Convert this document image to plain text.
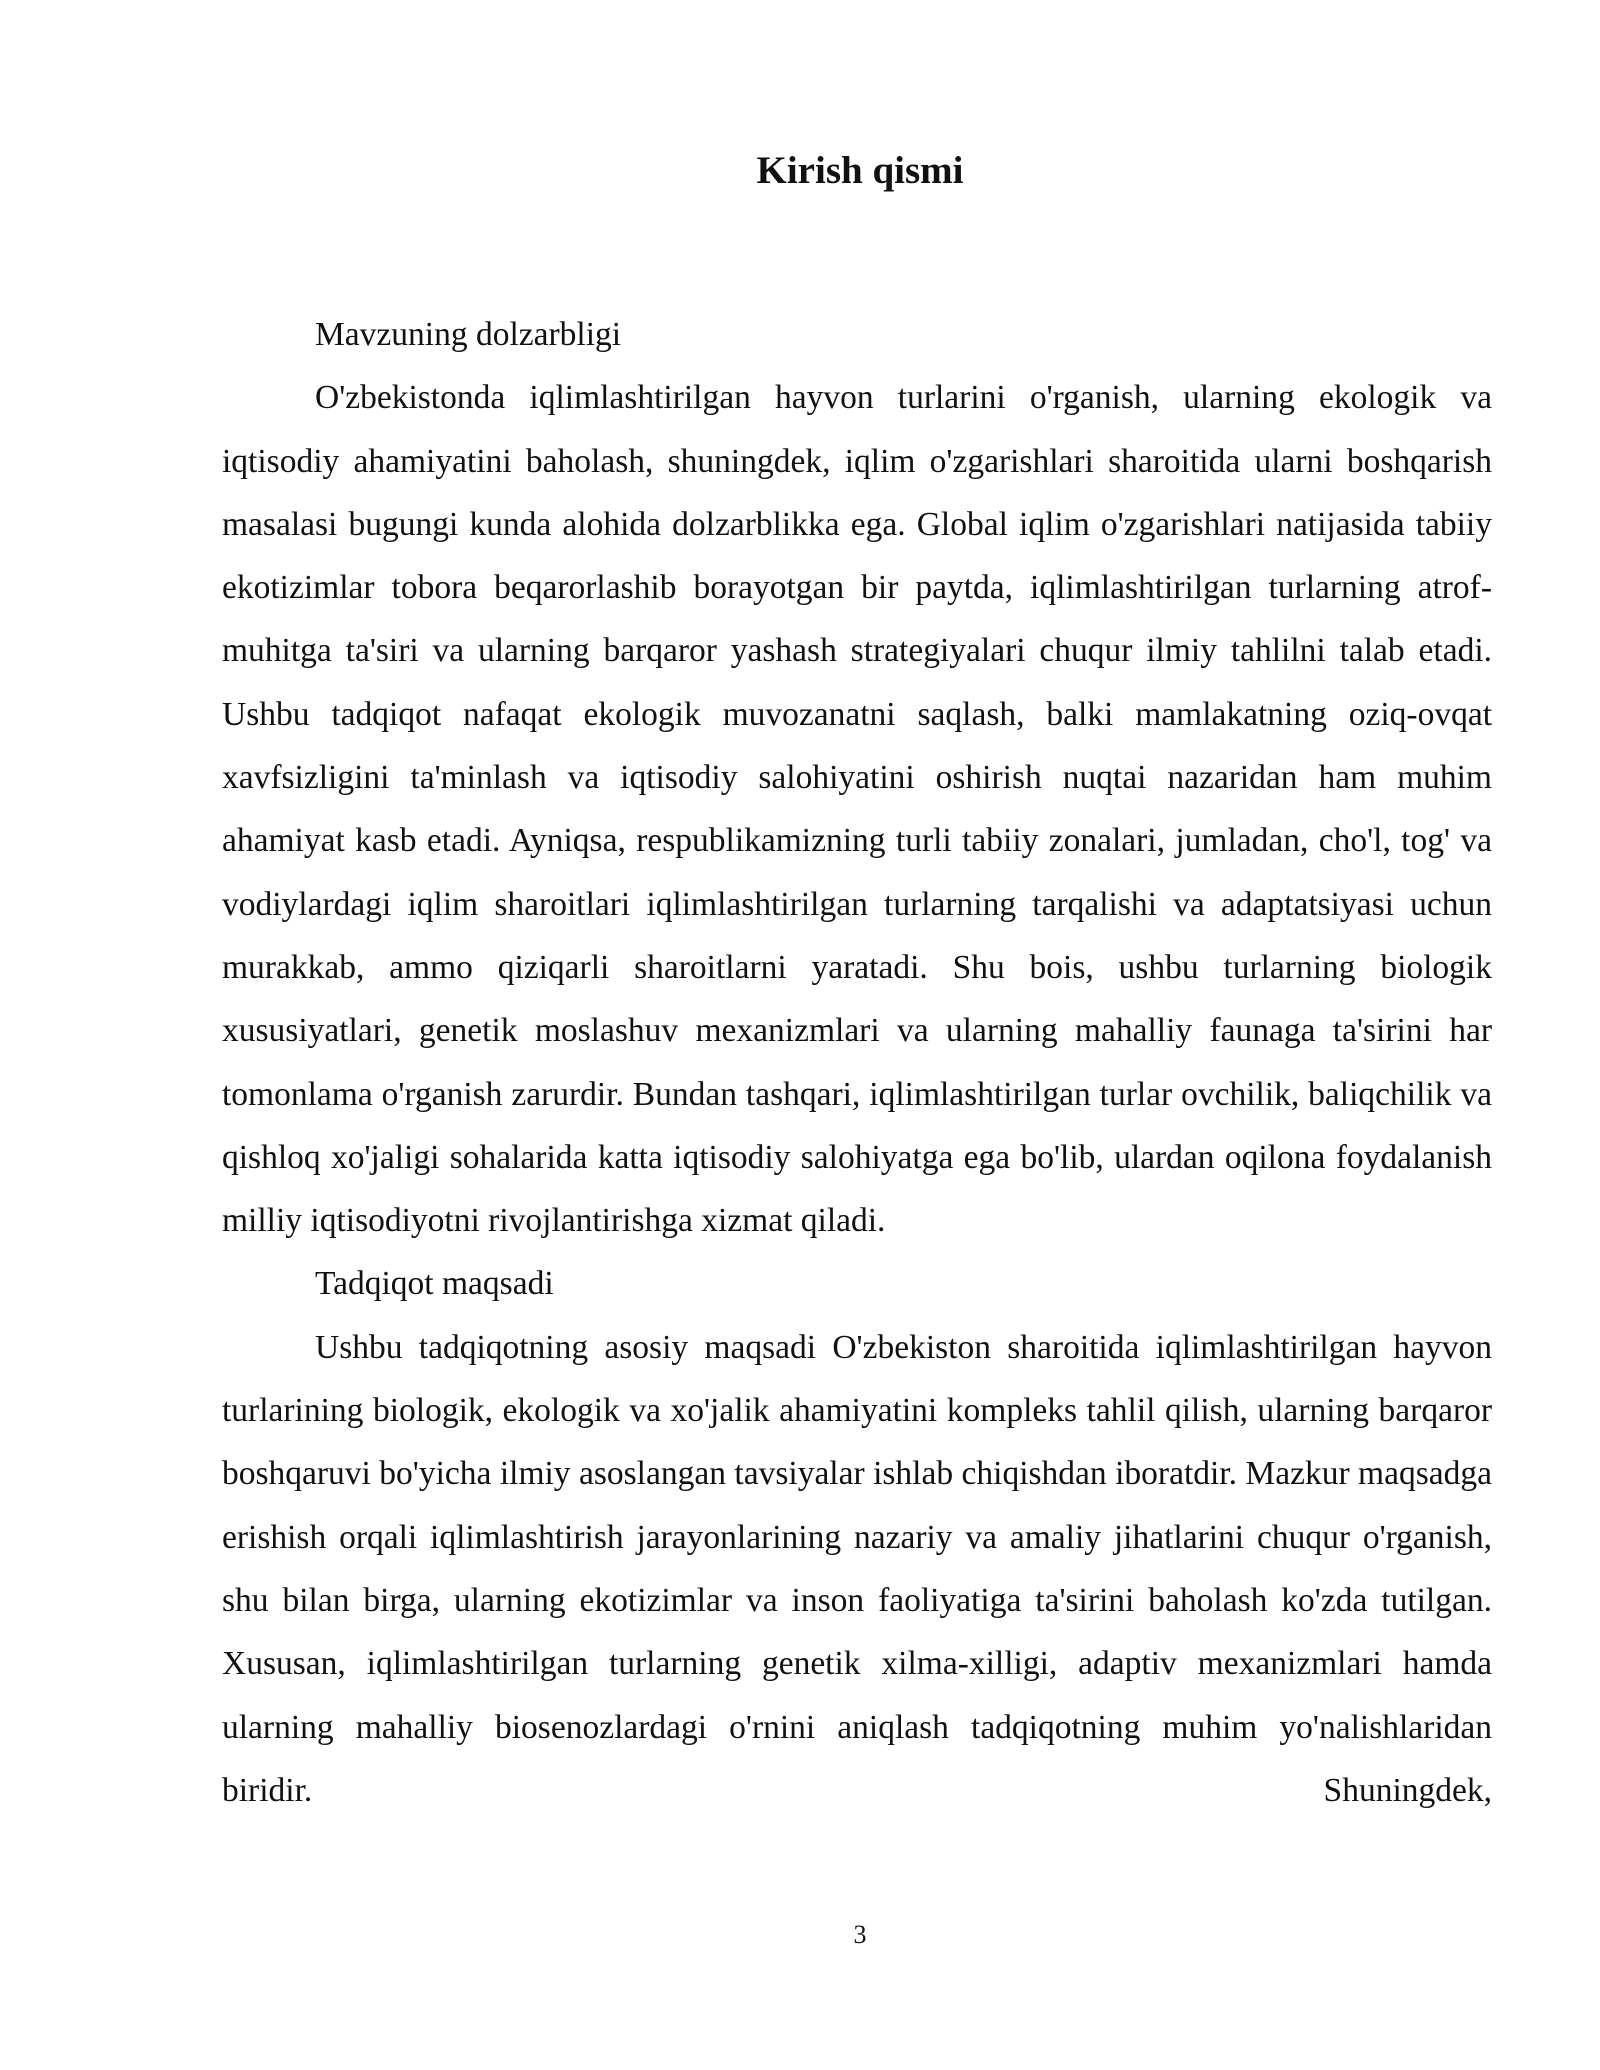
Kirish qismi

Mavzuning dolzarbligi

O'zbekistonda iqlimlashtirilgan hayvon turlarini o'rganish, ularning ekologik va iqtisodiy ahamiyatini baholash, shuningdek, iqlim o'zgarishlari sharoitida ularni boshqarish masalasi bugungi kunda alohida dolzarblikka ega. Global iqlim o'zgarishlari natijasida tabiiy ekotizimlar tobora beqarorlashib borayotgan bir paytda, iqlimlashtirilgan turlarning atrof-muhitga ta'siri va ularning barqaror yashash strategiyalari chuqur ilmiy tahlilni talab etadi. Ushbu tadqiqot nafaqat ekologik muvozanatni saqlash, balki mamlakatning oziq-ovqat xavfsizligini ta'minlash va iqtisodiy salohiyatini oshirish nuqtai nazaridan ham muhim ahamiyat kasb etadi. Ayniqsa, respublikamizning turli tabiiy zonalari, jumladan, cho'l, tog' va vodiylardagi iqlim sharoitlari iqlimlashtirilgan turlarning tarqalishi va adaptatsiyasi uchun murakkab, ammo qiziqarli sharoitlarni yaratadi. Shu bois, ushbu turlarning biologik xususiyatlari, genetik moslashuv mexanizmlari va ularning mahalliy faunaga ta'sirini har tomonlama o'rganish zarurdir. Bundan tashqari, iqlimlashtirilgan turlar ovchilik, baliqchilik va qishloq xo'jaligi sohalarida katta iqtisodiy salohiyatga ega bo'lib, ulardan oqilona foydalanish milliy iqtisodiyotni rivojlantirishga xizmat qiladi.

Tadqiqot maqsadi

Ushbu tadqiqotning asosiy maqsadi O'zbekiston sharoitida iqlimlashtirilgan hayvon turlarining biologik, ekologik va xo'jalik ahamiyatini kompleks tahlil qilish, ularning barqaror boshqaruvi bo'yicha ilmiy asoslangan tavsiyalar ishlab chiqishdan iboratdir. Mazkur maqsadga erishish orqali iqlimlashtirish jarayonlarining nazariy va amaliy jihatlarini chuqur o'rganish, shu bilan birga, ularning ekotizimlar va inson faoliyatiga ta'sirini baholash ko'zda tutilgan. Xususan, iqlimlashtirilgan turlarning genetik xilma-xilligi, adaptiv mexanizmlari hamda ularning mahalliy biosenozlardagi o'rnini aniqlash tadqiqotning muhim yo'nalishlaridan biridir. Shuningdek,

3
